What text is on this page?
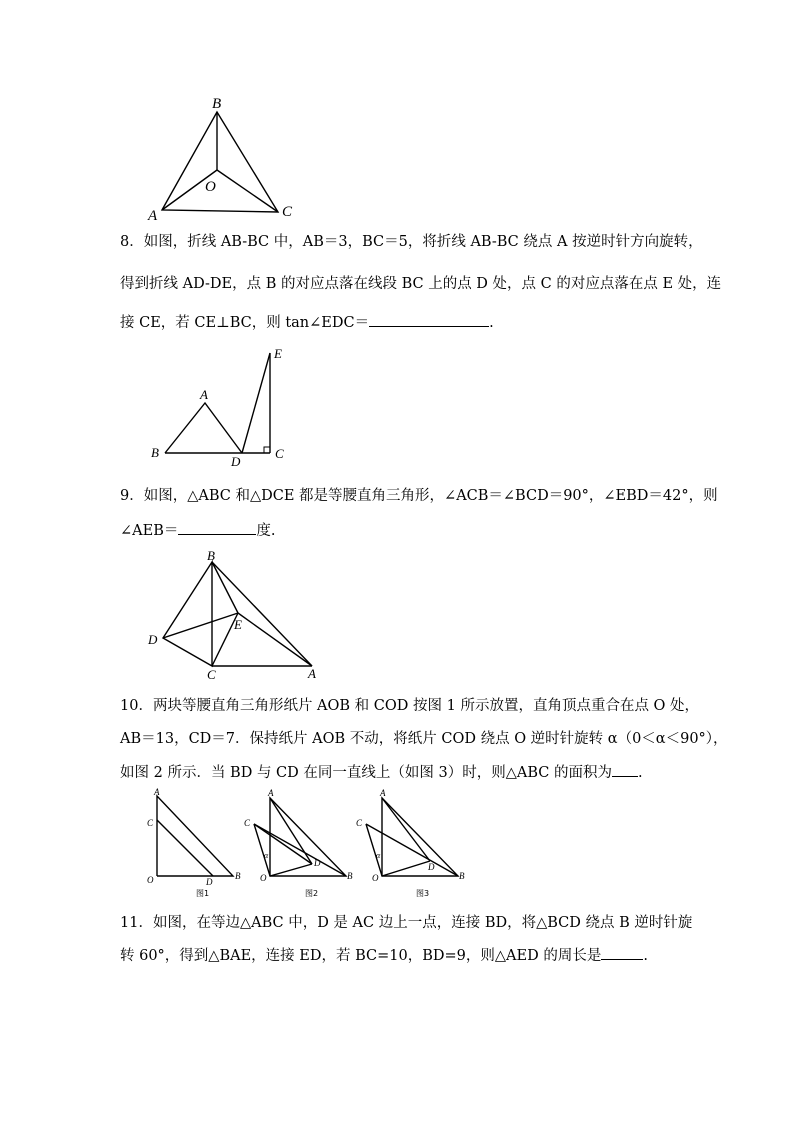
B
O
A	C
8．如图，折线 AB-BC 中，AB＝3，BC＝5，将折线 AB-BC 绕点 A 按逆时针方向旋转，
得到折线 AD-DE，点 B 的对应点落在线段 BC 上的点 D 处，点 C 的对应点落在点 E 处，连
接 CE，若 CE⊥BC，则 tan∠EDC＝	.
E
A
B
D
C
9．如图，△ABC 和△DCE 都是等腰直角三角形，∠ACB＝∠BCD＝90°，∠EBD＝42°，则
∠AEB＝	度.
B
E
D
C	A
10．两块等腰直角三角形纸片 AOB 和 COD 按图 1 所示放置，直角顶点重合在点 O 处，
AB＝13，CD＝7．保持纸片 AOB 不动，将纸片 COD 绕点 O 逆时针旋转 α（0＜α＜90°），
如图 2 所示．当 BD 与 CD 在同一直线上（如图 3）时，则△ABC 的面积为 .
A
C
O	D
B
图1
A
C
α
D
O	B
图2
A
C
α
D
O	B
图3
11．如图，在等边△ABC 中，D 是 AC 边上一点，连接 BD，将△BCD 绕点 B 逆时针旋
转 60°，得到△BAE，连接 ED，若 BC=10，BD=9，则△AED 的周长是	.
